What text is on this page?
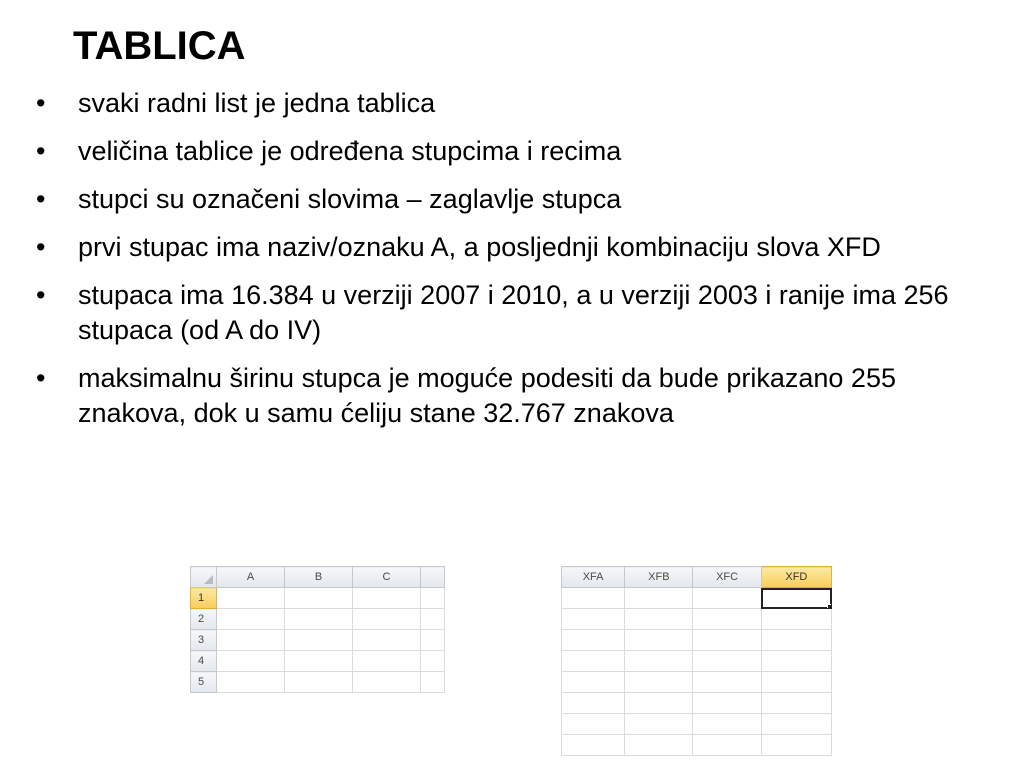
TABLICA
•	svaki radni list je jedna tablica
•	veličina tablice je određena stupcima i recima
•	stupci su označeni slovima – zaglavlje stupca
•	prvi stupac ima naziv/oznaku A, a posljednji kombinaciju slova XFD
•	stupaca ima 16.384 u verziji 2007 i 2010, a u verziji 2003 i ranije ima 256 stupaca (od A do IV)
•	maksimalnu širinu stupca je moguće podesiti da bude prikazano 255 znakova, dok u samu ćeliju stane 32.767 znakova
	A	B	C	
1				
2				
3				
4				
5				
XFA	XFB	XFC	XFD
